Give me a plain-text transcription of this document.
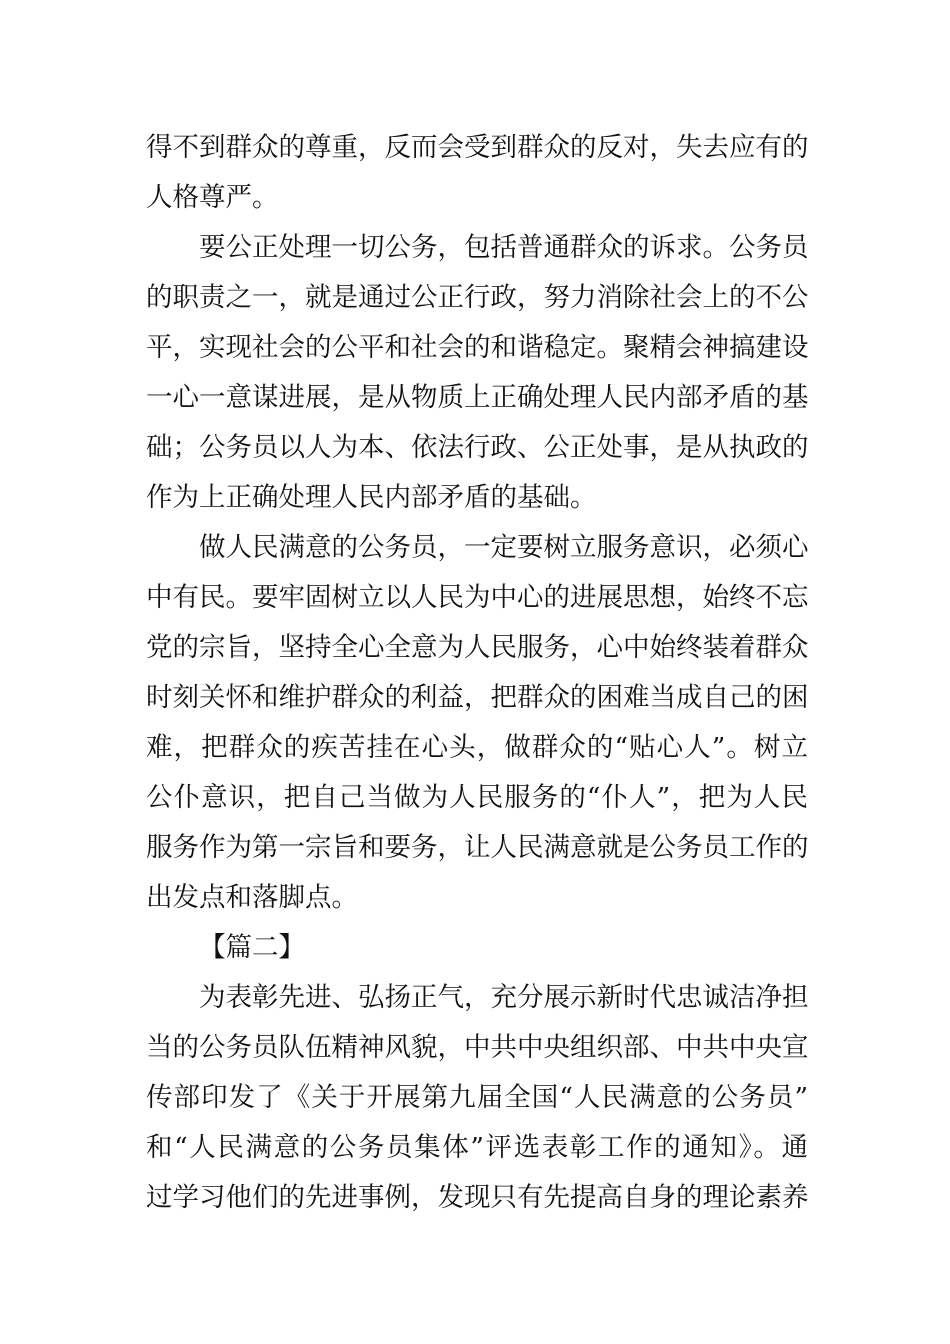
得不到群众的尊重，反而会受到群众的反对，失去应有的
人格尊严。
要公正处理一切公务，包括普通群众的诉求。公务员
的职责之一，就是通过公正行政，努力消除社会上的不公
平，实现社会的公平和社会的和谐稳定。聚精会神搞建设
一心一意谋进展，是从物质上正确处理人民内部矛盾的基
础；公务员以人为本、依法行政、公正处事，是从执政的
作为上正确处理人民内部矛盾的基础。
做人民满意的公务员，一定要树立服务意识，必须心
中有民。要牢固树立以人民为中心的进展思想，始终不忘
党的宗旨，坚持全心全意为人民服务，心中始终装着群众
时刻关怀和维护群众的利益，把群众的困难当成自己的困
难，把群众的疾苦挂在心头，做群众的“贴心人”。树立
公仆意识，把自己当做为人民服务的“仆人”，把为人民
服务作为第一宗旨和要务，让人民满意就是公务员工作的
出发点和落脚点。
【篇二】
为表彰先进、弘扬正气，充分展示新时代忠诚洁净担
当的公务员队伍精神风貌，中共中央组织部、中共中央宣
传部印发了《关于开展第九届全国“人民满意的公务员”
和“人民满意的公务员集体”评选表彰工作的通知》。通
过学习他们的先进事例，发现只有先提高自身的理论素养
